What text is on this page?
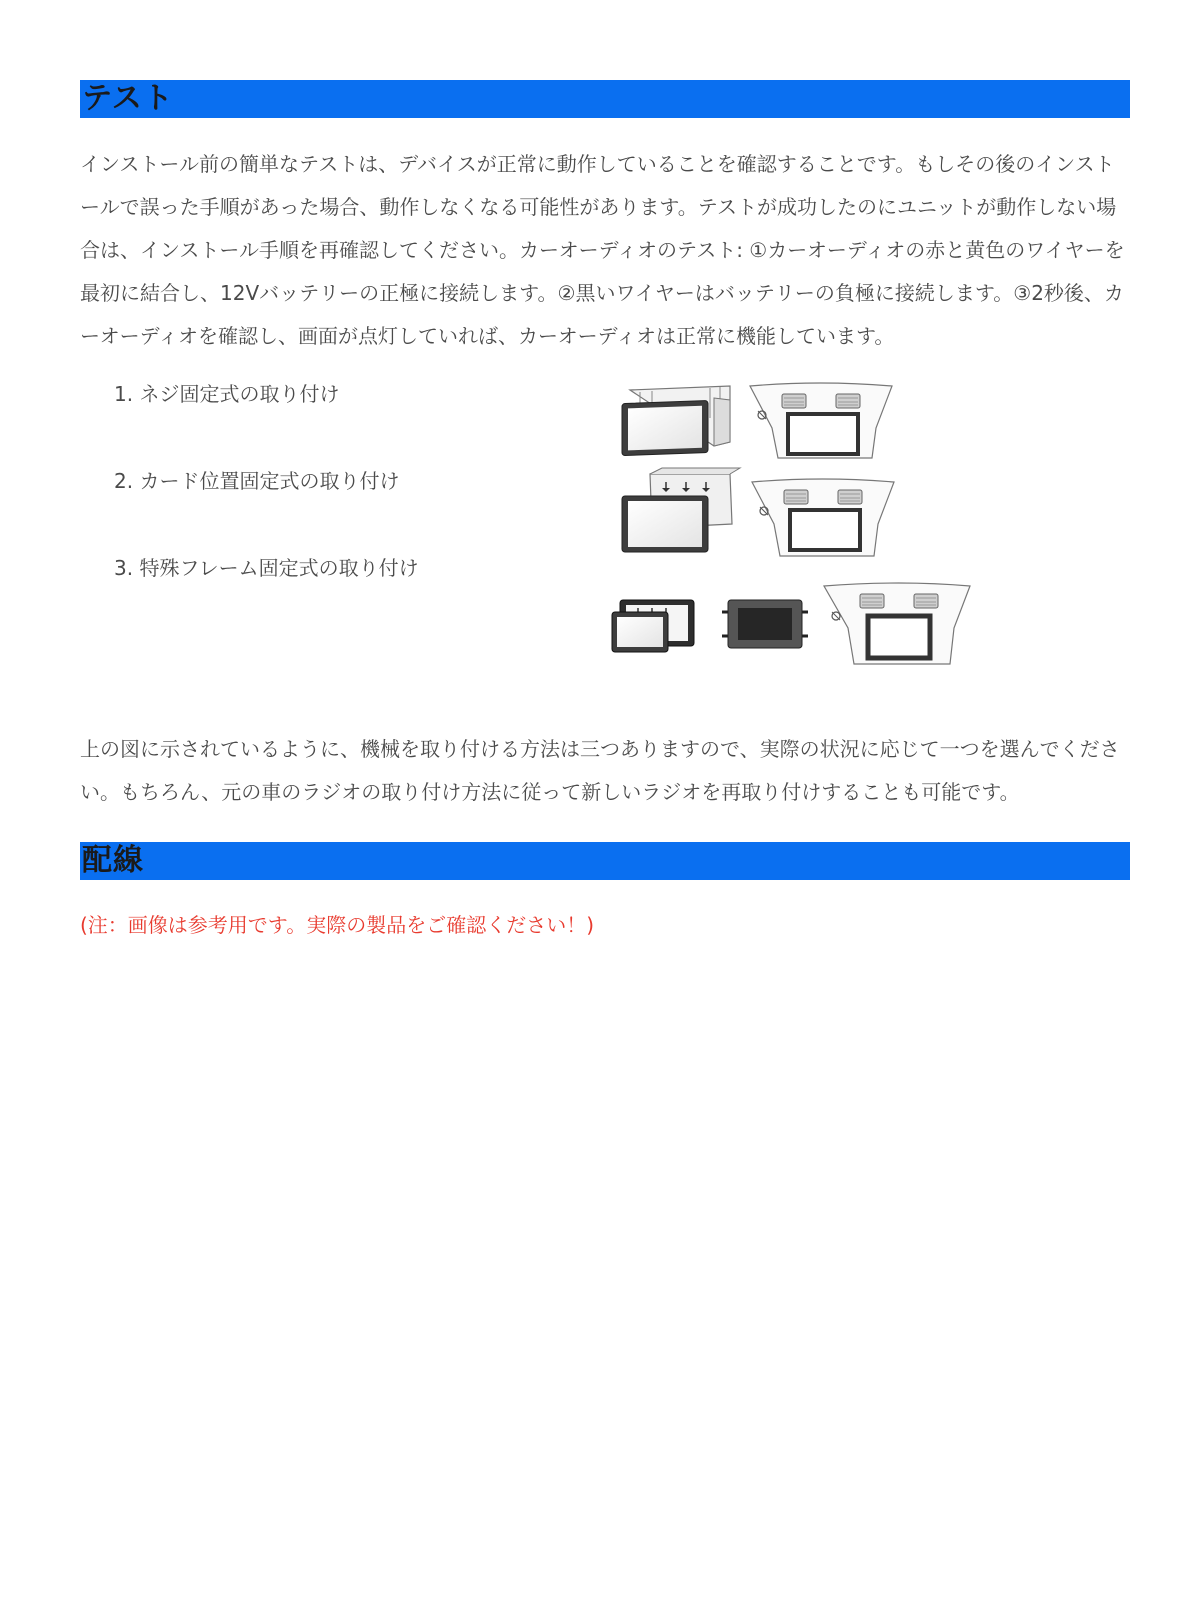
テスト

インストール前の簡単なテストは、デバイスが正常に動作していることを確認することです。もしその後のインストールで誤った手順があった場合、動作しなくなる可能性があります。テストが成功したのにユニットが動作しない場合は、インストール手順を再確認してください。カーオーディオのテスト: ①カーオーディオの赤と黄色のワイヤーを最初に結合し、12Vバッテリーの正極に接続します。②黒いワイヤーはバッテリーの負極に接続します。③2秒後、カーオーディオを確認し、画面が点灯していれば、カーオーディオは正常に機能しています。

1. ネジ固定式の取り付け
2. カード位置固定式の取り付け
3. 特殊フレーム固定式の取り付け

上の図に示されているように、機械を取り付ける方法は三つありますので、実際の状況に応じて一つを選んでください。もちろん、元の車のラジオの取り付け方法に従って新しいラジオを再取り付けすることも可能です。

配線

(注：画像は参考用です。実際の製品をご確認ください！)
